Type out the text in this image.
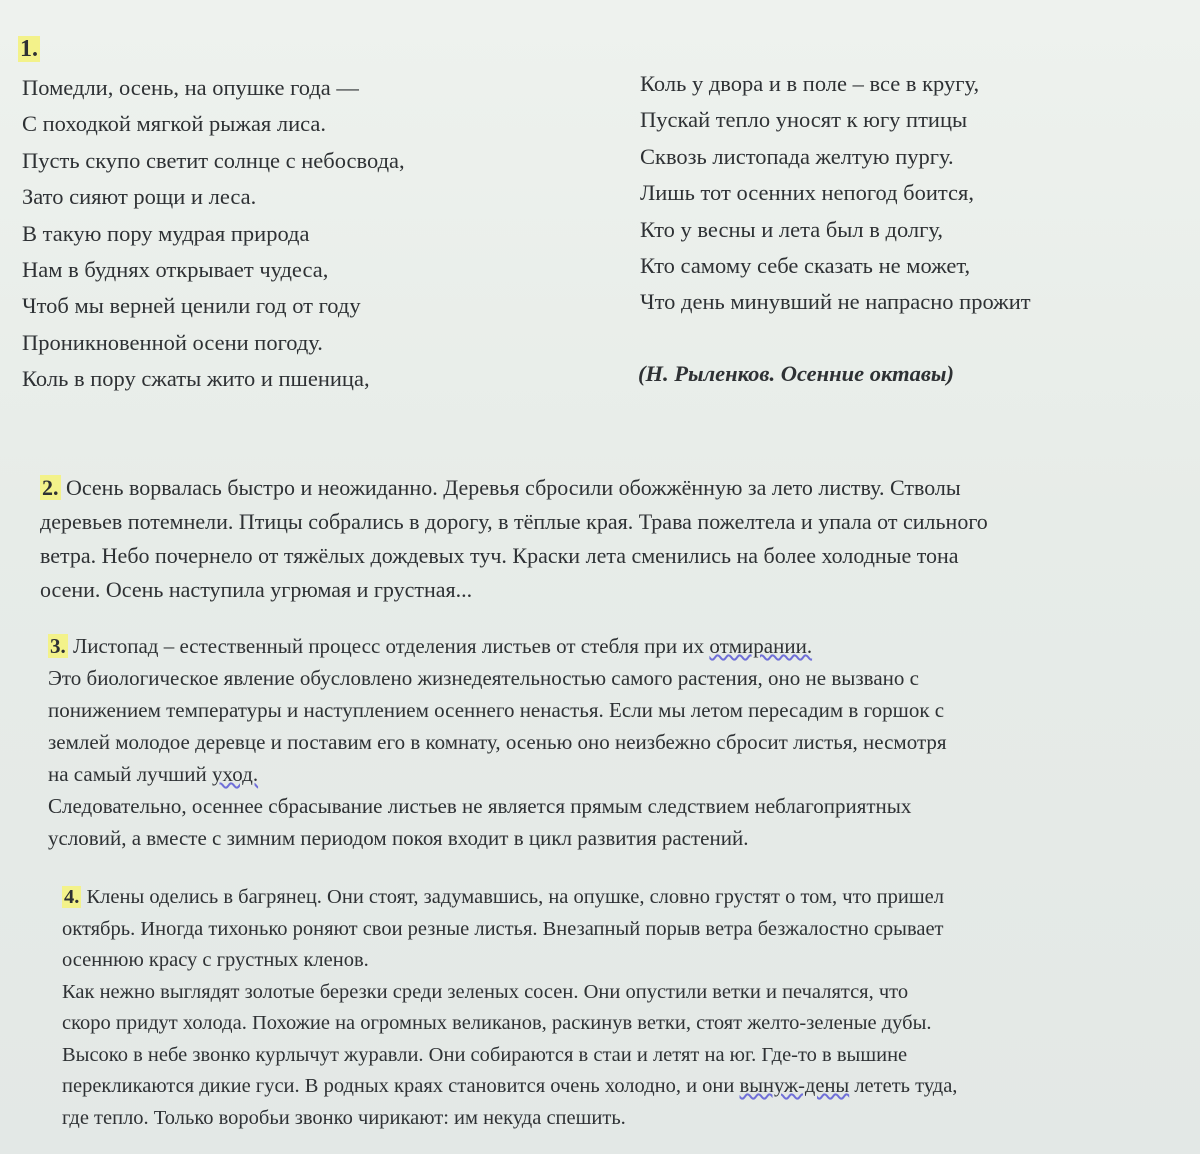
1.
Помедли, осень, на опушке года —
С походкой мягкой рыжая лиса.
Пусть скупо светит солнце с небосвода,
Зато сияют рощи и леса.
В такую пору мудрая природа
Нам в буднях открывает чудеса,
Чтоб мы верней ценили год от году
Проникновенной осени погоду.
Коль в пору сжаты жито и пшеница,
Коль у двора и в поле – все в кругу,
Пускай тепло уносят к югу птицы
Сквозь листопада желтую пургу.
Лишь тот осенних непогод боится,
Кто у весны и лета был в долгу,
Кто самому себе сказать не может,
Что день минувший не напрасно прожит
(Н. Рыленков. Осенние октавы)
2. Осень ворвалась быстро и неожиданно. Деревья сбросили обожжённую за лето листву. Стволы
деревьев потемнели. Птицы собрались в дорогу, в тёплые края. Трава пожелтела и упала от сильного
ветра. Небо почернело от тяжёлых дождевых туч. Краски лета сменились на более холодные тона
осени. Осень наступила угрюмая и грустная...
3. Листопад – естественный процесс отделения листьев от стебля при их отмирании.
Это биологическое явление обусловлено жизнедеятельностью самого растения, оно не вызвано с
понижением температуры и наступлением осеннего ненастья. Если мы летом пересадим в горшок с
землей молодое деревце и поставим его в комнату, осенью оно неизбежно сбросит листья, несмотря
на самый лучший уход.
Следовательно, осеннее сбрасывание листьев не является прямым следствием неблагоприятных
условий, а вместе с зимним периодом покоя входит в цикл развития растений.
4. Клены оделись в багрянец. Они стоят, задумавшись, на опушке, словно грустят о том, что пришел
октябрь. Иногда тихонько роняют свои резные листья. Внезапный порыв ветра безжалостно срывает
осеннюю красу с грустных кленов.
Как нежно выглядят золотые березки среди зеленых сосен. Они опустили ветки и печалятся, что
скоро придут холода. Похожие на огромных великанов, раскинув ветки, стоят желто-зеленые дубы.
Высоко в небе звонко курлычут журавли. Они собираются в стаи и летят на юг. Где-то в вышине
перекликаются дикие гуси. В родных краях становится очень холодно, и они вынуж-дены лететь туда,
где тепло. Только воробьи звонко чирикают: им некуда спешить.
